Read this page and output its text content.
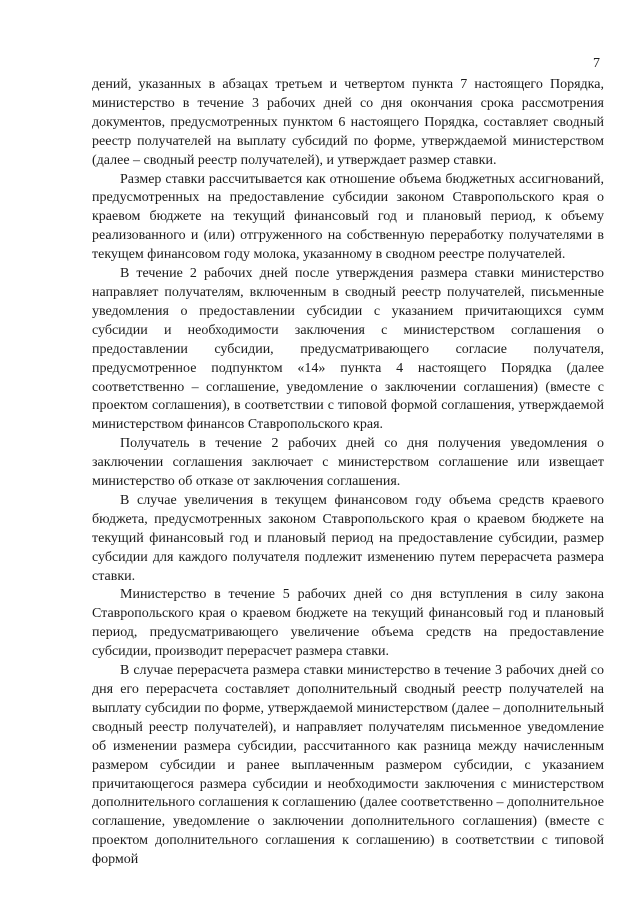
7

дений, указанных в абзацах третьем и четвертом пункта 7 настоящего Порядка, министерство в течение 3 рабочих дней со дня окончания срока рассмотрения документов, предусмотренных пунктом 6 настоящего Порядка, составляет сводный реестр получателей на выплату субсидий по форме, утверждаемой министерством (далее – сводный реестр получателей), и утверждает размер ставки.

Размер ставки рассчитывается как отношение объема бюджетных ассигнований, предусмотренных на предоставление субсидии законом Ставропольского края о краевом бюджете на текущий финансовый год и плановый период, к объему реализованного и (или) отгруженного на собственную переработку получателями в текущем финансовом году молока, указанному в сводном реестре получателей.

В течение 2 рабочих дней после утверждения размера ставки министерство направляет получателям, включенным в сводный реестр получателей, письменные уведомления о предоставлении субсидии с указанием причитающихся сумм субсидии и необходимости заключения с министерством соглашения о предоставлении субсидии, предусматривающего согласие получателя, предусмотренное подпунктом «14» пункта 4 настоящего Порядка (далее соответственно – соглашение, уведомление о заключении соглашения) (вместе с проектом соглашения), в соответствии с типовой формой соглашения, утверждаемой министерством финансов Ставропольского края.

Получатель в течение 2 рабочих дней со дня получения уведомления о заключении соглашения заключает с министерством соглашение или извещает министерство об отказе от заключения соглашения.

В случае увеличения в текущем финансовом году объема средств краевого бюджета, предусмотренных законом Ставропольского края о краевом бюджете на текущий финансовый год и плановый период на предоставление субсидии, размер субсидии для каждого получателя подлежит изменению путем перерасчета размера ставки.

Министерство в течение 5 рабочих дней со дня вступления в силу закона Ставропольского края о краевом бюджете на текущий финансовый год и плановый период, предусматривающего увеличение объема средств на предоставление субсидии, производит перерасчет размера ставки.

В случае перерасчета размера ставки министерство в течение 3 рабочих дней со дня его перерасчета составляет дополнительный сводный реестр получателей на выплату субсидии по форме, утверждаемой министерством (далее – дополнительный сводный реестр получателей), и направляет получателям письменное уведомление об изменении размера субсидии, рассчитанного как разница между начисленным размером субсидии и ранее выплаченным размером субсидии, с указанием причитающегося размера субсидии и необходимости заключения с министерством дополнительного соглашения к соглашению (далее соответственно – дополнительное соглашение, уведомление о заключении дополнительного соглашения) (вместе с проектом дополнительного соглашения к соглашению) в соответствии с типовой формой
